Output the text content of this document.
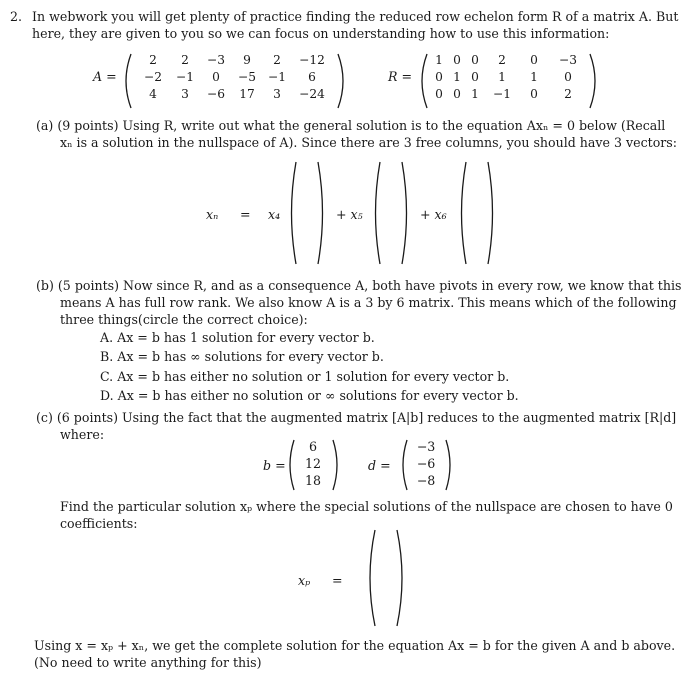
2. In webwork you will get plenty of practice finding the reduced row echelon form R of a matrix A. But
here, they are given to you so we can focus on understanding how to use this information:
A =
2	2	−3	9	2	−12
−2	−1	0	−5	−1	6
4	3	−6	17	3	−24
R =
1	0	0	2	0	−3
0	1	0	1	1	0
0	0	1	−1	0	2
(a) (9 points) Using R, write out what the general solution is to the equation Axₙ = 0 below (Recall
xₙ is a solution in the nullspace of A). Since there are 3 free columns, you should have 3 vectors:
xₙ = x₄	+ x₅	+ x₆
(b) (5 points) Now since R, and as a consequence A, both have pivots in every row, we know that this
means A has full row rank. We also know A is a 3 by 6 matrix. This means which of the following
three things(circle the correct choice):
A. Ax = b has 1 solution for every vector b.
B. Ax = b has ∞ solutions for every vector b.
C. Ax = b has either no solution or 1 solution for every vector b.
D. Ax = b has either no solution or ∞ solutions for every vector b.
(c) (6 points) Using the fact that the augmented matrix [A|b] reduces to the augmented matrix [R|d]
where:
b =
6
12
18
d =
−3
−6
−8
Find the particular solution xₚ where the special solutions of the nullspace are chosen to have 0
coefficients:
xₚ =
Using x = xₚ + xₙ, we get the complete solution for the equation Ax = b for the given A and b above.
(No need to write anything for this)
